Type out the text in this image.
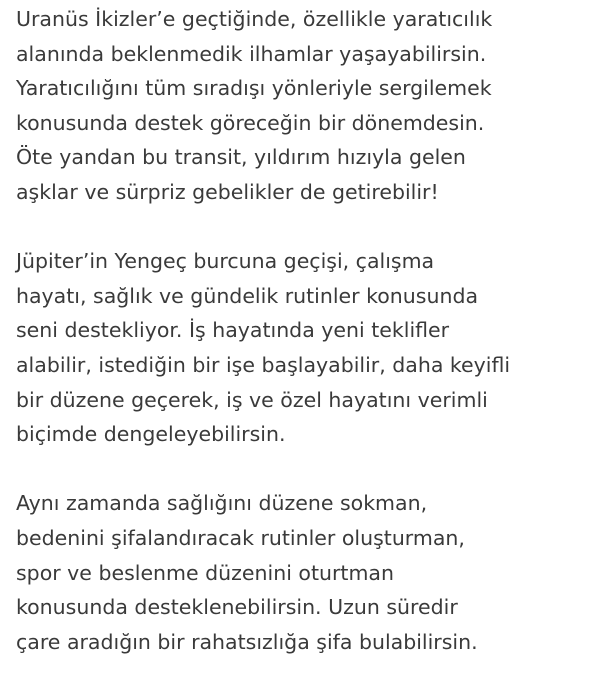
Uranüs İkizler’e geçtiğinde, özellikle yaratıcılık
alanında beklenmedik ilhamlar yaşayabilirsin.
Yaratıcılığını tüm sıradışı yönleriyle sergilemek
konusunda destek göreceğin bir dönemdesin.
Öte yandan bu transit, yıldırım hızıyla gelen
aşklar ve sürpriz gebelikler de getirebilir!

Jüpiter’in Yengeç burcuna geçişi, çalışma
hayatı, sağlık ve gündelik rutinler konusunda
seni destekliyor. İş hayatında yeni teklifler
alabilir, istediğin bir işe başlayabilir, daha keyifli
bir düzene geçerek, iş ve özel hayatını verimli
biçimde dengeleyebilirsin.

Aynı zamanda sağlığını düzene sokman,
bedenini şifalandıracak rutinler oluşturman,
spor ve beslenme düzenini oturtman
konusunda desteklenebilirsin. Uzun süredir
çare aradığın bir rahatsızlığa şifa bulabilirsin.
